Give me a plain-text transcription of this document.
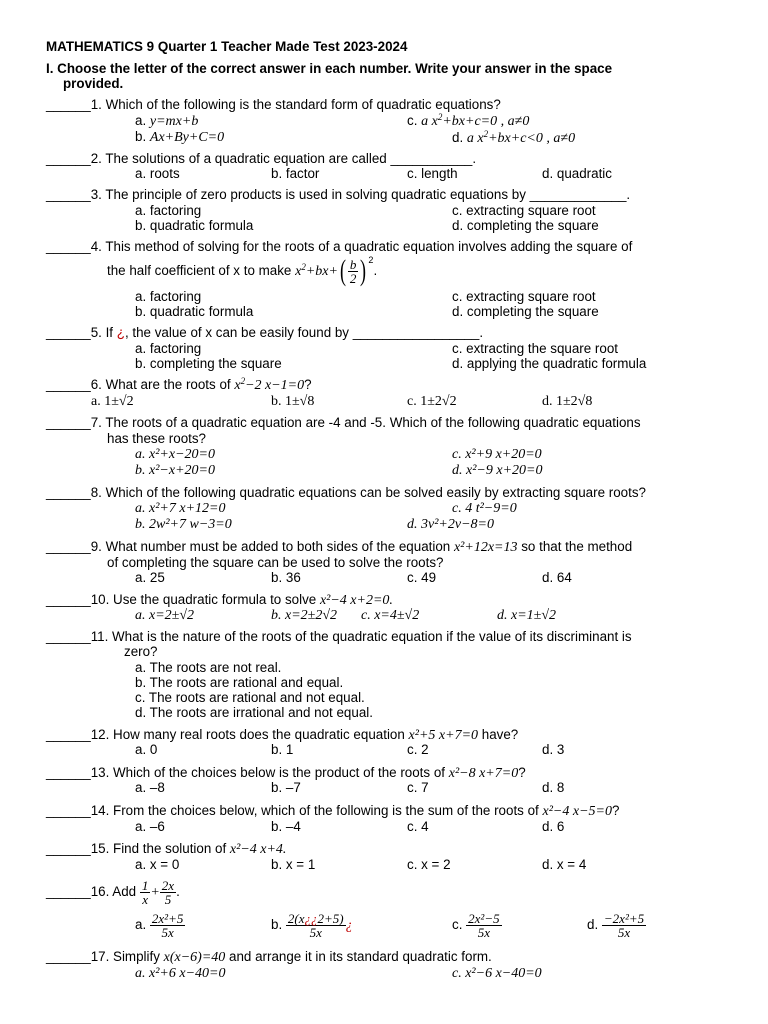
MATHEMATICS 9 Quarter 1 Teacher Made Test 2023-2024
I. Choose the letter of the correct answer in each number. Write your answer in the space
provided.
______1. Which of the following is the standard form of quadratic equations?
a. y=mx+b
b. Ax+By+C=0
c. a $x^2+bx+c=0$ , a≠0
d. a $x^2+bx+c<0$ , a≠0
______2. The solutions of a quadratic equation are called ___________.
a. roots	b. factor	c. length	d. quadratic
______3. The principle of zero products is used in solving quadratic equations by _____________.
a. factoring
b. quadratic formula
c. extracting square root
d. completing the square
______4. This method of solving for the roots of a quadratic equation involves adding the square of
the half coefficient of x to make $x^2+bx+( \frac{b}{2}$ ) $^2$.
a. factoring
b. quadratic formula
c. extracting square root
d. completing the square
______5. If ¿, the value of x can be easily found by _________________.
a. factoring
b. completing the square
c. extracting the square root
d. applying the quadratic formula
______6. What are the roots of $x^2-2$ x−1=0?
a. 1±√2	b. 1±√8	c. 1±2√2	d. 1±2√8
______7. The roots of a quadratic equation are -4 and -5. Which of the following quadratic equations
has these roots?
a. x²+x−20=0
b. x²−x+20=0
c. x²+9 x+20=0
d. x²−9 x+20=0
______8. Which of the following quadratic equations can be solved easily by extracting square roots?
a. x²+7 x+12=0
b. 2w²+7 w−3=0
c. 4 t²−9=0
d. 3v²+2v−8=0
______9. What number must be added to both sides of the equation x²+12x=13 so that the method
of completing the square can be used to solve the roots?
a. 25	b. 36	c. 49	d. 64
______10. Use the quadratic formula to solve x²−4 x+2=0.
a. x=2±√2	b. x=2±2√2 c. x=4±√2	d. x=1±√2
______11. What is the nature of the roots of the quadratic equation if the value of its discriminant is
zero?
a. The roots are not real.
b. The roots are rational and equal.
c. The roots are rational and not equal.
d. The roots are irrational and not equal.
______12. How many real roots does the quadratic equation x²+5 x+7=0 have?
a. 0	b. 1	c. 2	d. 3
______13. Which of the choices below is the product of the roots of x²−8 x+7=0?
a. –8	b. –7	c. 7	d. 8
______14. From the choices below, which of the following is the sum of the roots of x²−4 x−5=0?
a. –6	b. –4	c. 4	d. 6
______15. Find the solution of x²−4 x+4.
a. x = 0	b. x = 1	c. x = 2	d. x = 4
______16. Add $\frac{1}{x} + \frac{2x}{5}$ .
a. $\frac{\text{2x²+5}}{5x}$	b. $\frac{2(x¿¿2+5)}{5x}$ ¿	c. $\frac{\text{2x²−5}}{5x}$	d. $\frac{\text{−2x²+5}}{5x}$
______17. Simplify x(x−6)=40 and arrange it in its standard quadratic form.
a. x²+6 x−40=0	c. x²−6 x−40=0
